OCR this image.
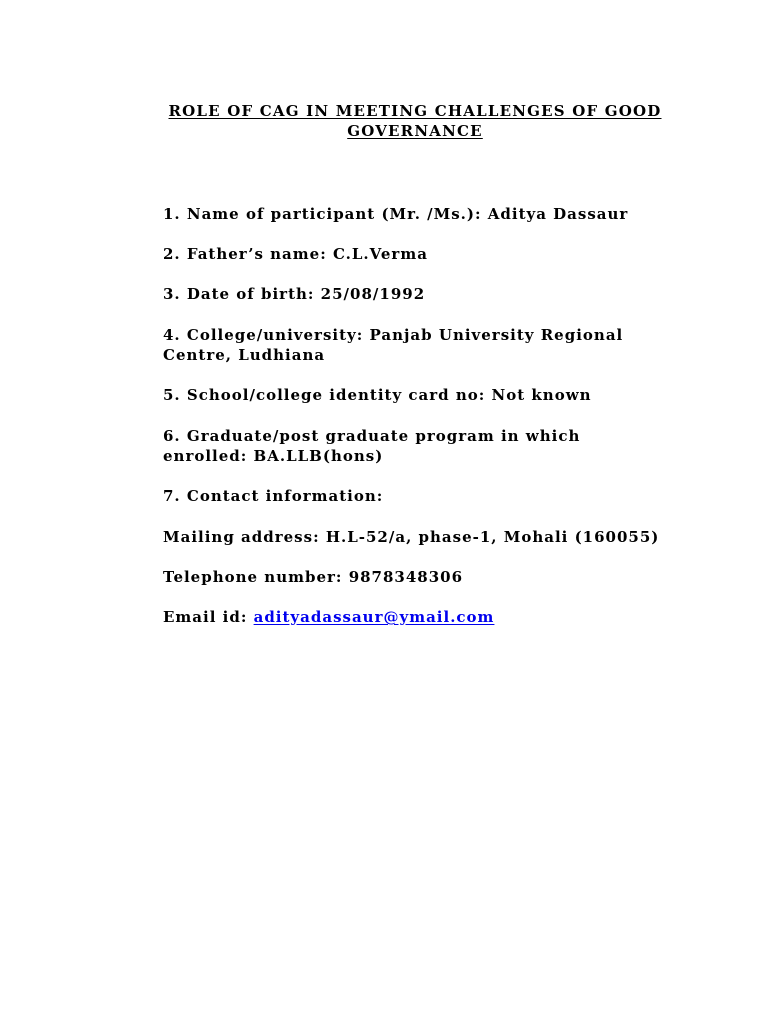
ROLE OF CAG IN MEETING CHALLENGES OF GOOD GOVERNANCE
1. Name of participant (Mr. /Ms.): Aditya Dassaur
2. Father’s name: C.L.Verma
3. Date of birth: 25/08/1992
4. College/university: Panjab University Regional Centre, Ludhiana
5. School/college identity card no: Not known
6. Graduate/post graduate program in which enrolled: BA.LLB(hons)
7. Contact information:
Mailing address: H.L-52/a, phase-1, Mohali (160055)
Telephone number: 9878348306
Email id: adityadassaur@ymail.com
